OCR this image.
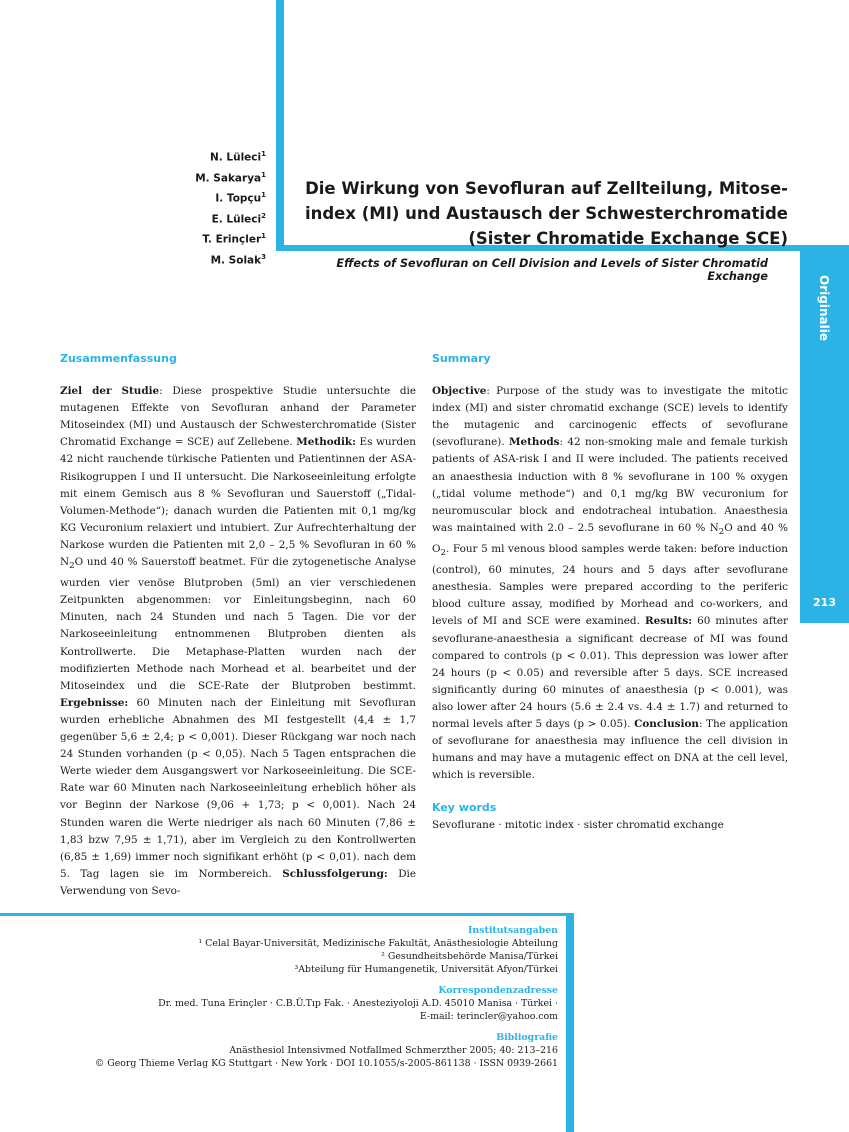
Originalie
213
N. Lüleci$^1$
M. Sakarya$^1$
I. Topçu$^1$
E. Lüleci$^2$
T. Erinçler$^1$
M. Solak$^3$
Die Wirkung von Sevofluran auf Zellteilung, Mitose-
index (MI) und Austausch der Schwesterchromatide
(Sister Chromatide Exchange SCE)
Effects of Sevofluran on Cell Division and Levels of Sister Chromatid Exchange
Zusammenfassung

Ziel der Studie: Diese prospektive Studie untersuchte die mutagenen Effekte von Sevofluran anhand der Parameter Mitoseindex (MI) und Austausch der Schwesterchromatide (Sister Chromatid Exchange = SCE) auf Zellebene. Methodik: Es wurden 42 nicht rauchende türkische Patienten und Patientinnen der ASA-Risikogruppen I und II untersucht. Die Narkoseeinleitung erfolgte mit einem Gemisch aus 8 % Sevofluran und Sauerstoff („Tidal-Volumen-Methode“); danach wurden die Patienten mit 0,1 mg/kg KG Vecuronium relaxiert und intubiert. Zur Aufrechterhaltung der Narkose wurden die Patienten mit 2,0 – 2,5 % Sevofluran in 60 % $N_2O$ und 40 % Sauerstoff beatmet. Für die zytogenetische Analyse wurden vier venöse Blutproben (5ml) an vier verschiedenen Zeitpunkten abgenommen: vor Einleitungsbeginn, nach 60 Minuten, nach 24 Stunden und nach 5 Tagen. Die vor der Narkoseeinleitung entnommenen Blutproben dienten als Kontrollwerte. Die Metaphase-Platten wurden nach der modifizierten Methode nach Morhead et al. bearbeitet und der Mitoseindex und die SCE-Rate der Blutproben bestimmt. Ergebnisse: 60 Minuten nach der Einleitung mit Sevofluran wurden erhebliche Abnahmen des MI festgestellt (4,4 ± 1,7 gegenüber 5,6 ± 2,4; p < 0,001). Dieser Rückgang war noch nach 24 Stunden vorhanden (p < 0,05). Nach 5 Tagen entsprachen die Werte wieder dem Ausgangswert vor Narkoseeinleitung. Die SCE-Rate war 60 Minuten nach Narkoseeinleitung erheblich höher als vor Beginn der Narkose (9,06 + 1,73; p < 0,001). Nach 24 Stunden waren die Werte niedriger als nach 60 Minuten (7,86 ± 1,83 bzw 7,95 ± 1,71), aber im Vergleich zu den Kontrollwerten (6,85 ± 1,69) immer noch signifikant erhöht (p < 0,01). nach dem 5. Tag lagen sie im Normbereich. Schlussfolgerung: Die Verwendung von Sevo-

Summary

Objective: Purpose of the study was to investigate the mitotic index (MI) and sister chromatid exchange (SCE) levels to identify the mutagenic and carcinogenic effects of sevoflurane (sevoflurane). Methods: 42 non-smoking male and female turkish patients of ASA-risk I and II were included. The patients received an anaesthesia induction with 8 % sevoflurane in 100 % oxygen („tidal volume methode“) and 0,1 mg/kg BW vecuronium for neuromuscular block and endotracheal intubation. Anaesthesia was maintained with 2.0 – 2.5 sevoflurane in 60 % $N_2O$ and 40 % $O_2$. Four 5 ml venous blood samples werde taken: before induction (control), 60 minutes, 24 hours and 5 days after sevoflurane anesthesia. Samples were prepared according to the periferic blood culture assay, modified by Morhead and co-workers, and levels of MI and SCE were examined. Results: 60 minutes after sevoflurane-anaesthesia a significant decrease of MI was found compared to controls (p < 0.01). This depression was lower after 24 hours (p < 0.05) and reversible after 5 days. SCE increased significantly during 60 minutes of anaesthesia (p < 0.001), was also lower after 24 hours (5.6 ± 2.4 vs. 4.4 ± 1.7) and returned to normal levels after 5 days (p > 0.05). Conclusion: The application of sevoflurane for anaesthesia may influence the cell division in humans and may have a mutagenic effect on DNA at the cell level, which is reversible.

Key words
Sevoflurane · mitotic index · sister chromatid exchange
Institutsangaben
¹ Celal Bayar-Universität, Medizinische Fakultät, Anästhesiologie Abteilung
² Gesundheitsbehörde Manisa/Türkei
³Abteilung für Humangenetik, Universität Afyon/Türkei
Korrespondenzadresse
Dr. med. Tuna Erinçler · C.B.Ü.Tıp Fak. · Anesteziyoloji A.D. 45010 Manisa · Türkei ·
E-mail: terincler@yahoo.com
Bibliografie
Anästhesiol Intensivmed Notfallmed Schmerzther 2005; 40: 213–216
© Georg Thieme Verlag KG Stuttgart · New York · DOI 10.1055/s-2005-861138 · ISSN 0939-2661
